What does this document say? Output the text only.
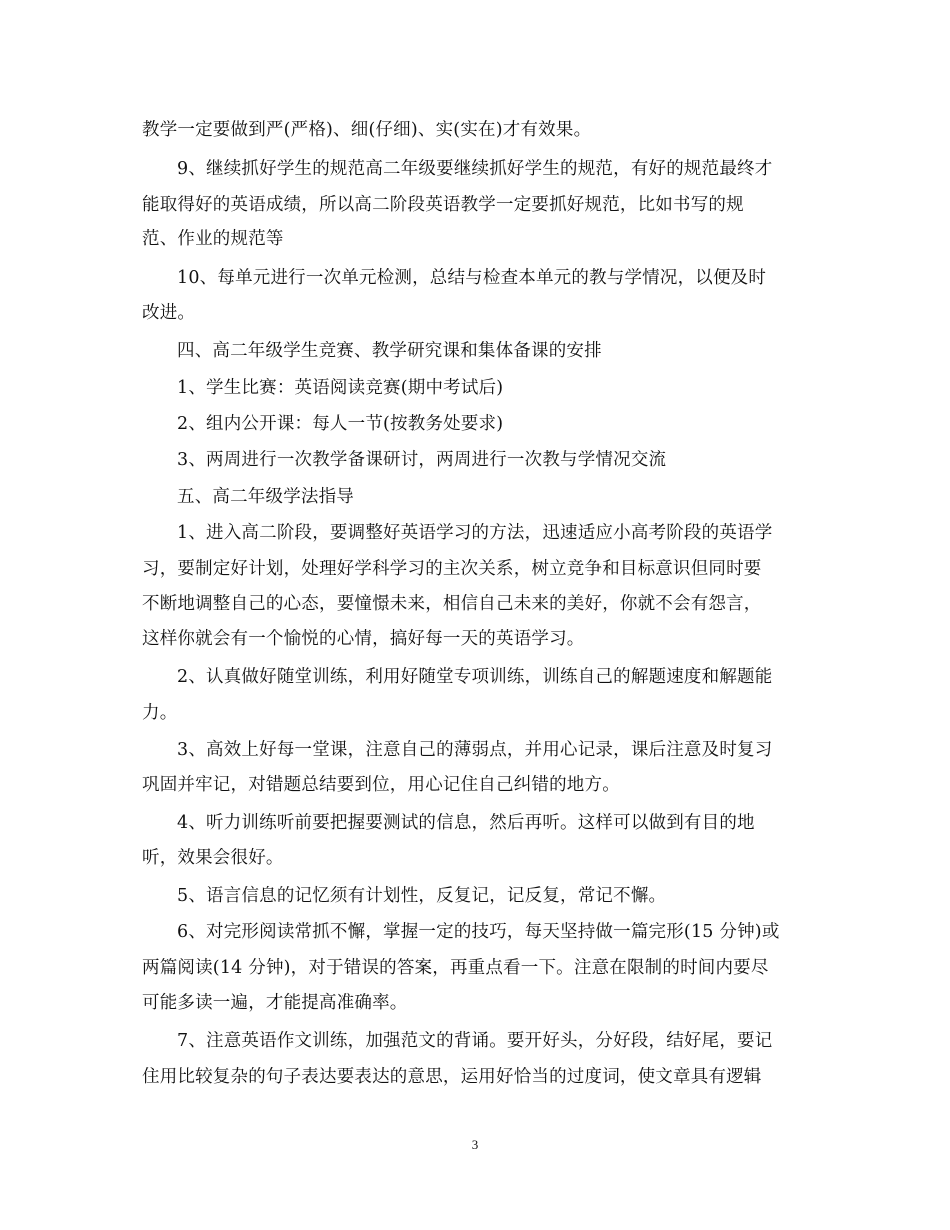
教学一定要做到严(严格)、细(仔细)、实(实在)才有效果。
9、继续抓好学生的规范高二年级要继续抓好学生的规范，有好的规范最终才
能取得好的英语成绩，所以高二阶段英语教学一定要抓好规范，比如书写的规
范、作业的规范等
10、每单元进行一次单元检测，总结与检查本单元的教与学情况，以便及时
改进。
四、高二年级学生竞赛、教学研究课和集体备课的安排
1、学生比赛：英语阅读竞赛(期中考试后)
2、组内公开课：每人一节(按教务处要求)
3、两周进行一次教学备课研讨，两周进行一次教与学情况交流
五、高二年级学法指导
1、进入高二阶段，要调整好英语学习的方法，迅速适应小高考阶段的英语学
习，要制定好计划，处理好学科学习的主次关系，树立竞争和目标意识但同时要
不断地调整自己的心态，要憧憬未来，相信自己未来的美好，你就不会有怨言，
这样你就会有一个愉悦的心情，搞好每一天的英语学习。
2、认真做好随堂训练，利用好随堂专项训练，训练自己的解题速度和解题能
力。
3、高效上好每一堂课，注意自己的薄弱点，并用心记录，课后注意及时复习
巩固并牢记，对错题总结要到位，用心记住自己纠错的地方。
4、听力训练听前要把握要测试的信息，然后再听。这样可以做到有目的地
听，效果会很好。
5、语言信息的记忆须有计划性，反复记，记反复，常记不懈。
6、对完形阅读常抓不懈，掌握一定的技巧，每天坚持做一篇完形(15 分钟)或
两篇阅读(14 分钟)，对于错误的答案，再重点看一下。注意在限制的时间内要尽
可能多读一遍，才能提高准确率。
7、注意英语作文训练，加强范文的背诵。要开好头，分好段，结好尾，要记
住用比较复杂的句子表达要表达的意思，运用好恰当的过度词，使文章具有逻辑
3
